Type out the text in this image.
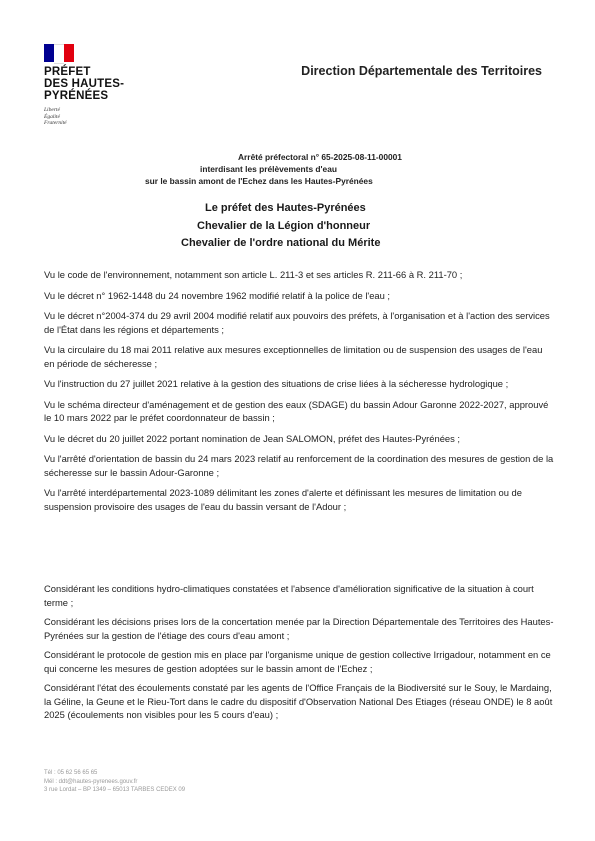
PRÉFET
DES HAUTES-
PYRÉNÉES
Liberté
Égalité
Fraternité
Direction Départementale des Territoires
Arrêté préfectoral n° 65-2025-08-11-00001
interdisant les prélèvements d'eau
sur le bassin amont de l'Echez dans les Hautes-Pyrénées
Le préfet des Hautes-Pyrénées
Chevalier de la Légion d'honneur
Chevalier de l'ordre national du Mérite

Vu le code de l'environnement, notamment son article L. 211-3 et ses articles R. 211-66 à R. 211-70 ;

Vu le décret n° 1962-1448 du 24 novembre 1962 modifié relatif à la police de l'eau ;

Vu le décret n°2004-374 du 29 avril 2004 modifié relatif aux pouvoirs des préfets, à l'organisation et à l'action des services de l'État dans les régions et départements ;

Vu la circulaire du 18 mai 2011 relative aux mesures exceptionnelles de limitation ou de suspension des usages de l'eau en période de sécheresse ;

Vu l'instruction du 27 juillet 2021 relative à la gestion des situations de crise liées à la sécheresse hydrologique ;

Vu le schéma directeur d'aménagement et de gestion des eaux (SDAGE) du bassin Adour Garonne 2022-2027, approuvé le 10 mars 2022 par le préfet coordonnateur de bassin ;

Vu le décret du 20 juillet 2022 portant nomination de Jean SALOMON, préfet des Hautes-Pyrénées ;

Vu l'arrêté d'orientation de bassin du 24 mars 2023 relatif au renforcement de la coordination des mesures de gestion de la sécheresse sur le bassin Adour-Garonne ;

Vu l'arrêté interdépartemental 2023-1089 délimitant les zones d'alerte et définissant les mesures de limitation ou de suspension provisoire des usages de l'eau du bassin versant de l'Adour ;

Considérant les conditions hydro-climatiques constatées et l'absence d'amélioration significative de la situation à court terme ;

Considérant les décisions prises lors de la concertation menée par la Direction Départementale des Territoires des Hautes-Pyrénées sur la gestion de l'étiage des cours d'eau amont ;

Considérant le protocole de gestion mis en place par l'organisme unique de gestion collective Irrigadour, notamment en ce qui concerne les mesures de gestion adoptées sur le bassin amont de l'Echez ;

Considérant l'état des écoulements constaté par les agents de l'Office Français de la Biodiversité sur le Souy, le Mardaing, la Géline, la Geune et le Rieu-Tort dans le cadre du dispositif d'Observation National Des Etiages (réseau ONDE) le 8 août 2025 (écoulements non visibles pour les 5 cours d'eau) ;

Tél : 05 62 56 65 65
Mél : ddt@hautes-pyrenees.gouv.fr
3 rue Lordat – BP 1349 – 65013 TARBES CEDEX 09
